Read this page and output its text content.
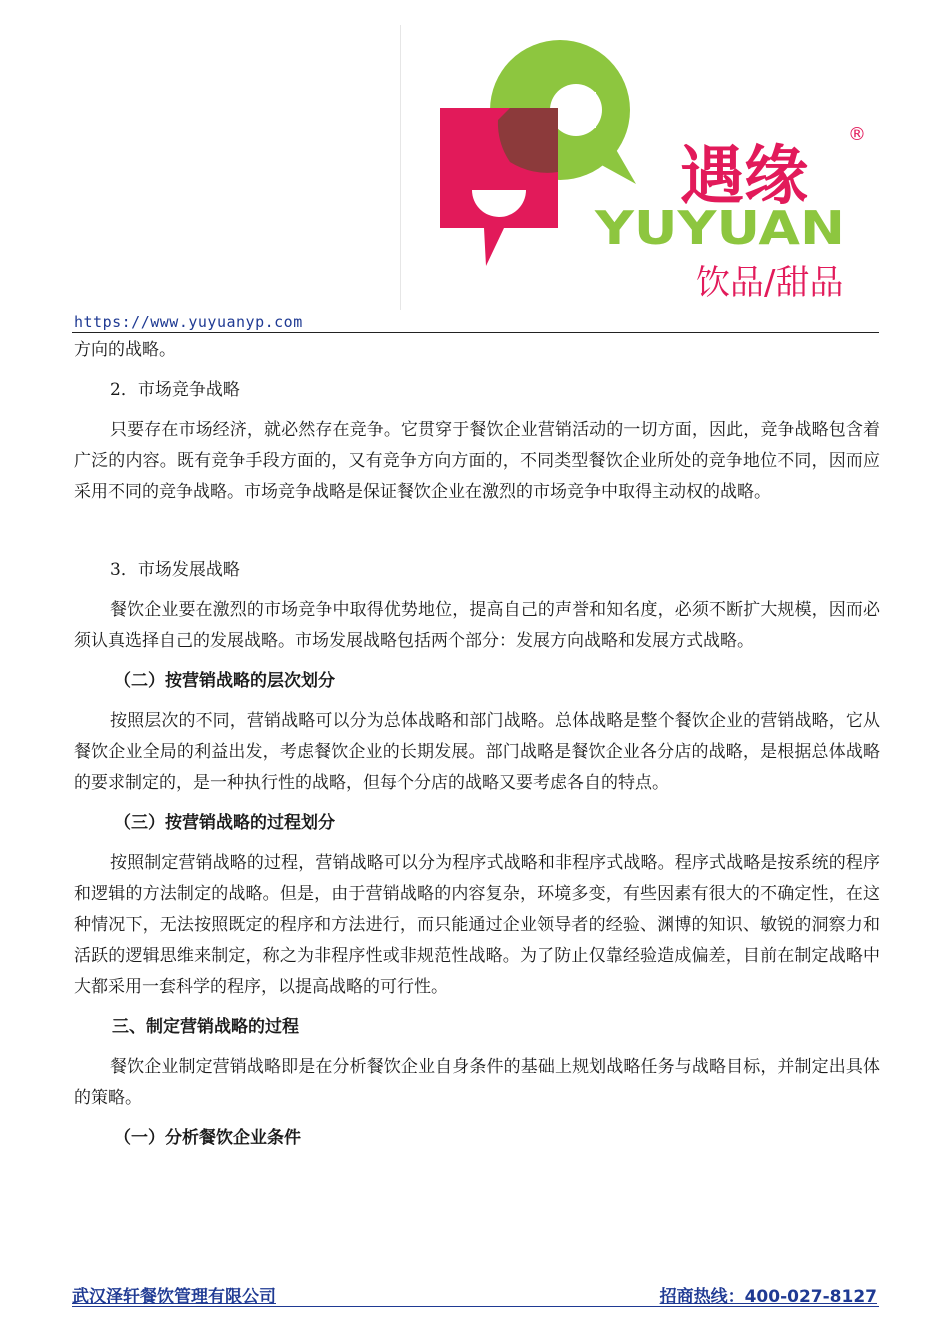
遇缘
®
YUYUAN
饮品/甜品
https://www.yuyuanyp.com

方向的战略。

2．市场竞争战略

只要存在市场经济，就必然存在竞争。它贯穿于餐饮企业营销活动的一切方面，因此，竞争战略包含着广泛的内容。既有竞争手段方面的，又有竞争方向方面的，不同类型餐饮企业所处的竞争地位不同，因而应采用不同的竞争战略。市场竞争战略是保证餐饮企业在激烈的市场竞争中取得主动权的战略。

3．市场发展战略

餐饮企业要在激烈的市场竞争中取得优势地位，提高自己的声誉和知名度，必须不断扩大规模，因而必须认真选择自己的发展战略。市场发展战略包括两个部分：发展方向战略和发展方式战略。

（二）按营销战略的层次划分

按照层次的不同，营销战略可以分为总体战略和部门战略。总体战略是整个餐饮企业的营销战略，它从餐饮企业全局的利益出发，考虑餐饮企业的长期发展。部门战略是餐饮企业各分店的战略，是根据总体战略的要求制定的，是一种执行性的战略，但每个分店的战略又要考虑各自的特点。

（三）按营销战略的过程划分

按照制定营销战略的过程，营销战略可以分为程序式战略和非程序式战略。程序式战略是按系统的程序和逻辑的方法制定的战略。但是，由于营销战略的内容复杂，环境多变，有些因素有很大的不确定性，在这种情况下，无法按照既定的程序和方法进行，而只能通过企业领导者的经验、渊博的知识、敏锐的洞察力和活跃的逻辑思维来制定，称之为非程序性或非规范性战略。为了防止仅靠经验造成偏差，目前在制定战略中大都采用一套科学的程序，以提高战略的可行性。

三、制定营销战略的过程

餐饮企业制定营销战略即是在分析餐饮企业自身条件的基础上规划战略任务与战略目标，并制定出具体的策略。

（一）分析餐饮企业条件

武汉泽轩餐饮管理有限公司	招商热线：400-027-8127
